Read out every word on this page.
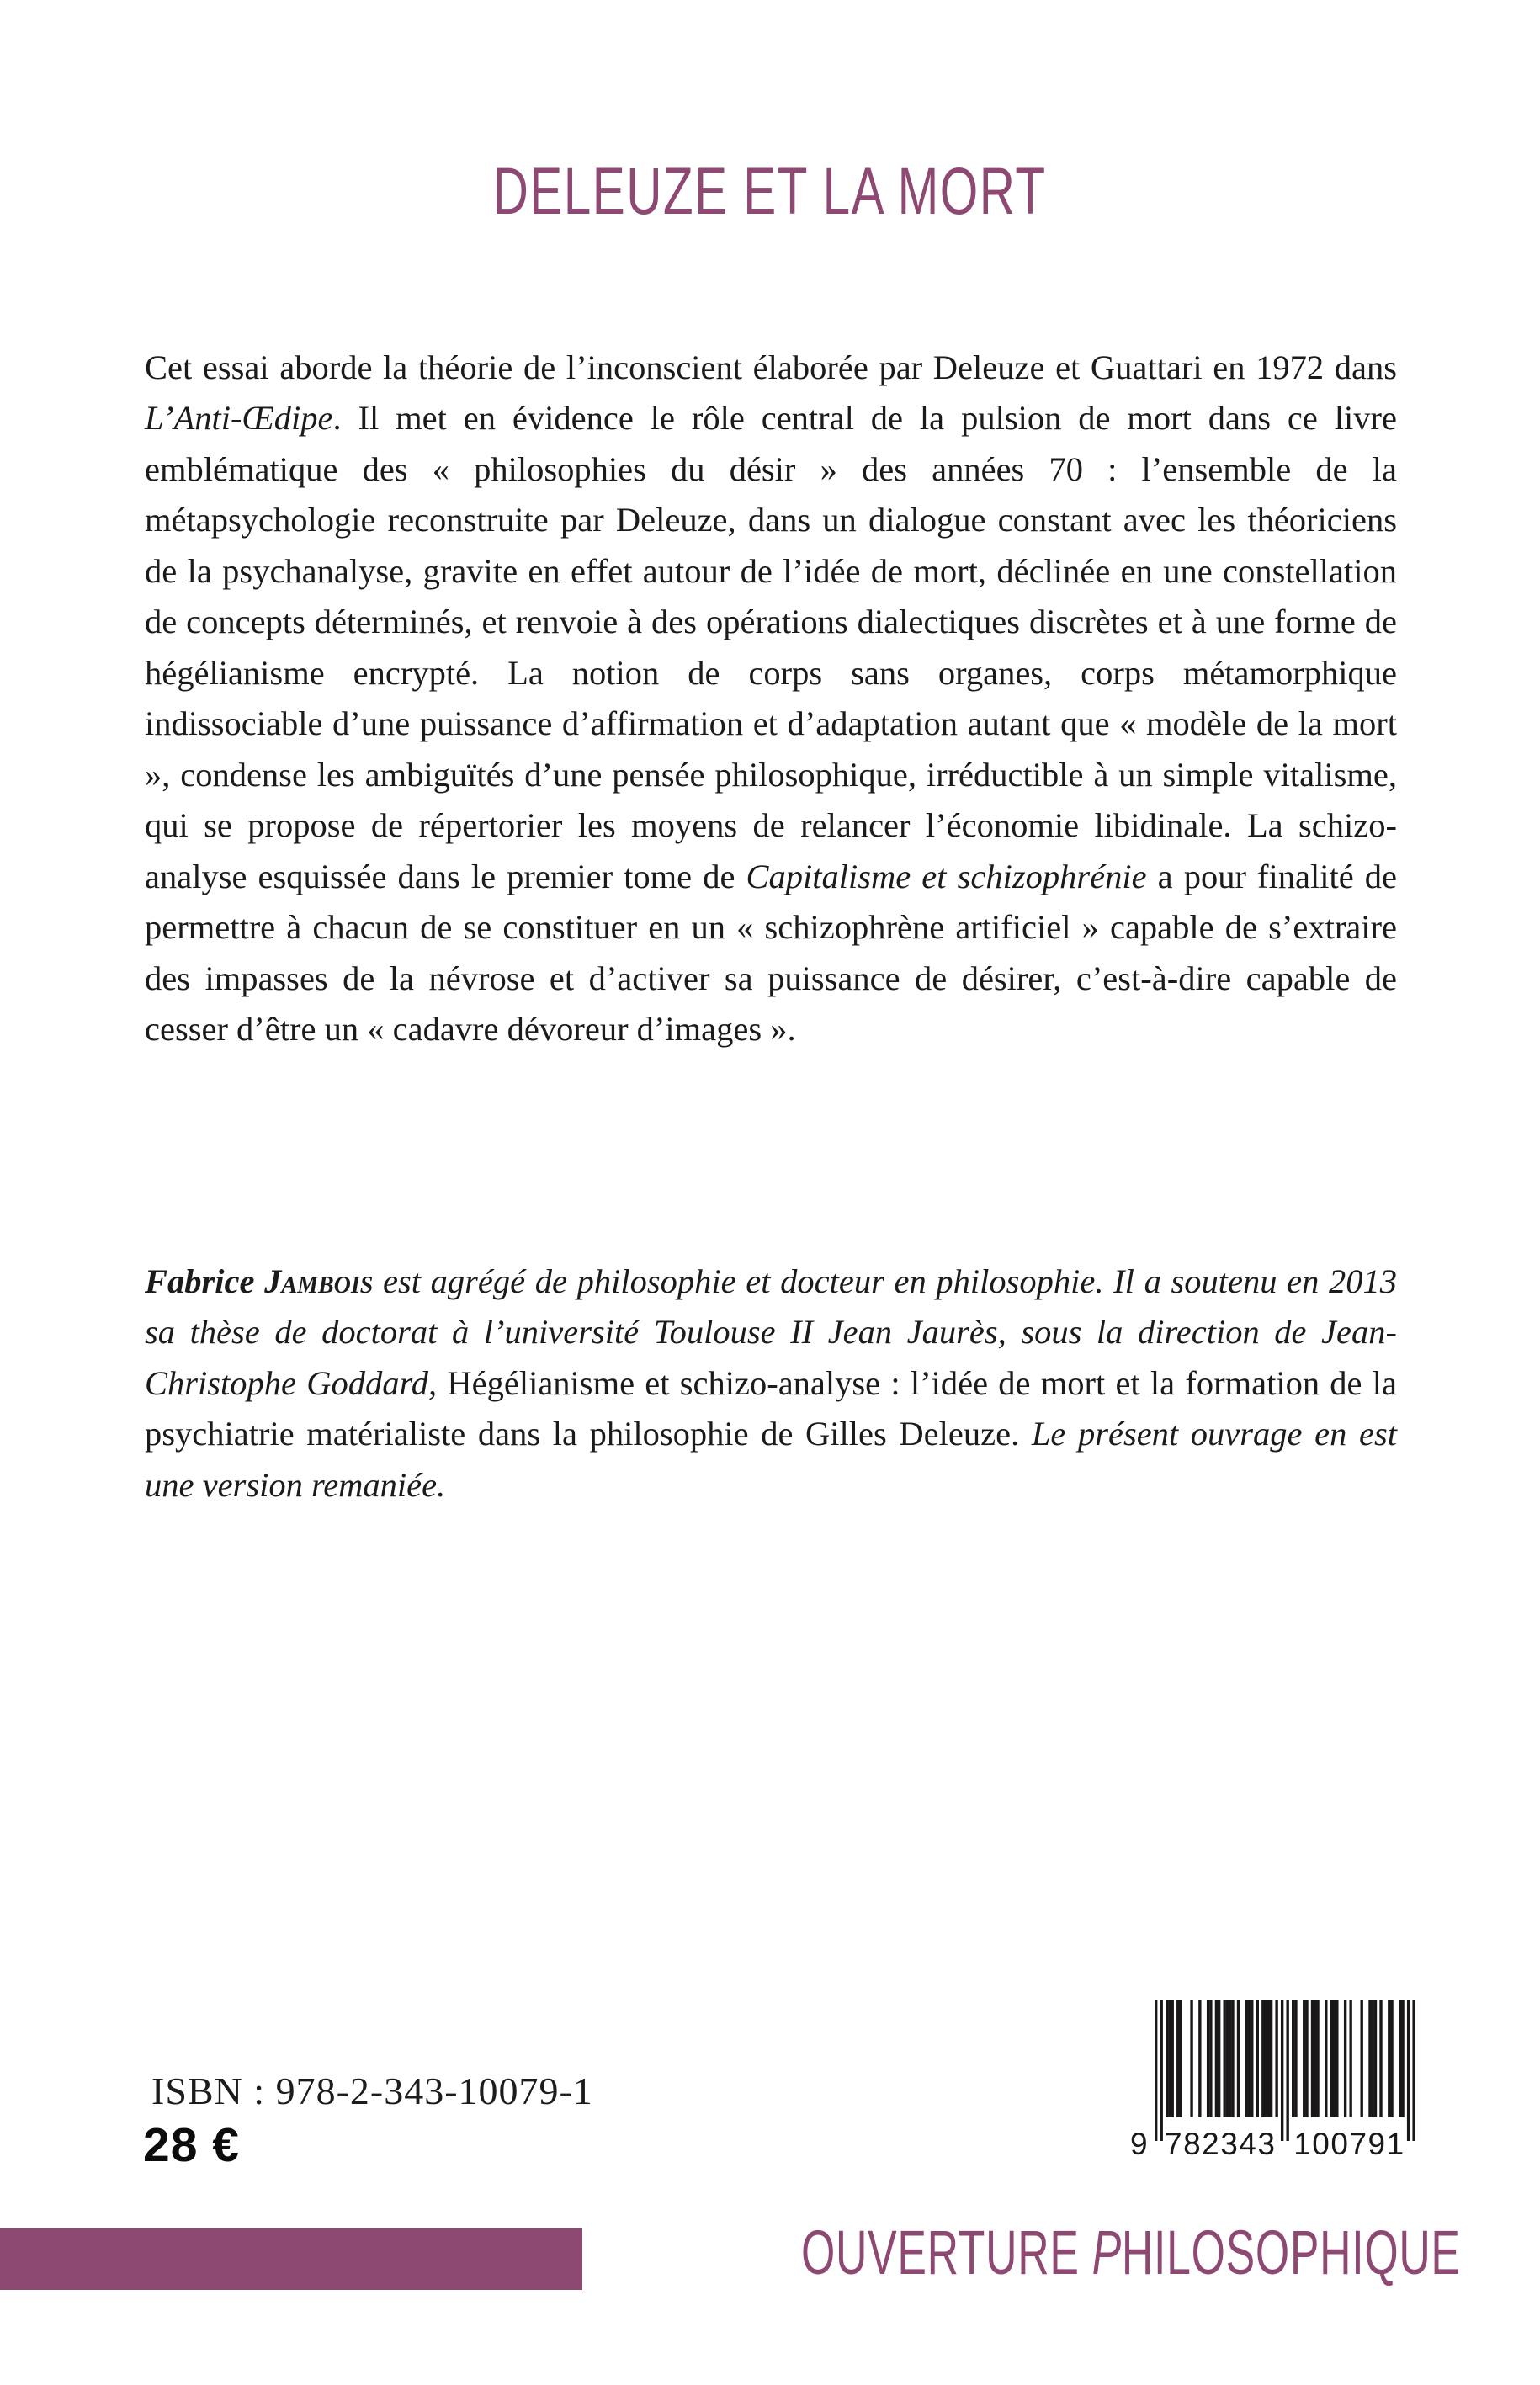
DELEUZE ET LA MORT

Cet essai aborde la théorie de l’inconscient élaborée par Deleuze et Guattari en 1972 dans L’Anti-Œdipe. Il met en évidence le rôle central de la pulsion de mort dans ce livre emblématique des « philosophies du désir » des années 70 : l’ensemble de la métapsychologie reconstruite par Deleuze, dans un dialogue constant avec les théoriciens de la psychanalyse, gravite en effet autour de l’idée de mort, déclinée en une constellation de concepts déterminés, et renvoie à des opérations dialectiques discrètes et à une forme de hégélianisme encrypté. La notion de corps sans organes, corps métamorphique indissociable d’une puissance d’affirmation et d’adaptation autant que « modèle de la mort », condense les ambiguïtés d’une pensée philosophique, irréductible à un simple vitalisme, qui se propose de répertorier les moyens de relancer l’économie libidinale. La schizo-analyse esquissée dans le premier tome de Capitalisme et schizophrénie a pour finalité de permettre à chacun de se constituer en un « schizophrène artificiel » capable de s’extraire des impasses de la névrose et d’activer sa puissance de désirer, c’est-à-dire capable de cesser d’être un « cadavre dévoreur d’images ».

Fabrice Jambois est agrégé de philosophie et docteur en philosophie. Il a soutenu en 2013 sa thèse de doctorat à l’université Toulouse II Jean Jaurès, sous la direction de Jean-Christophe Goddard, Hégélianisme et schizo-analyse : l’idée de mort et la formation de la psychiatrie matérialiste dans la philosophie de Gilles Deleuze. Le présent ouvrage en est une version remaniée.

ISBN : 978-2-343-10079-1
28 €	9 782343 100791
OUVERTURE PHILOSOPHIQUE
